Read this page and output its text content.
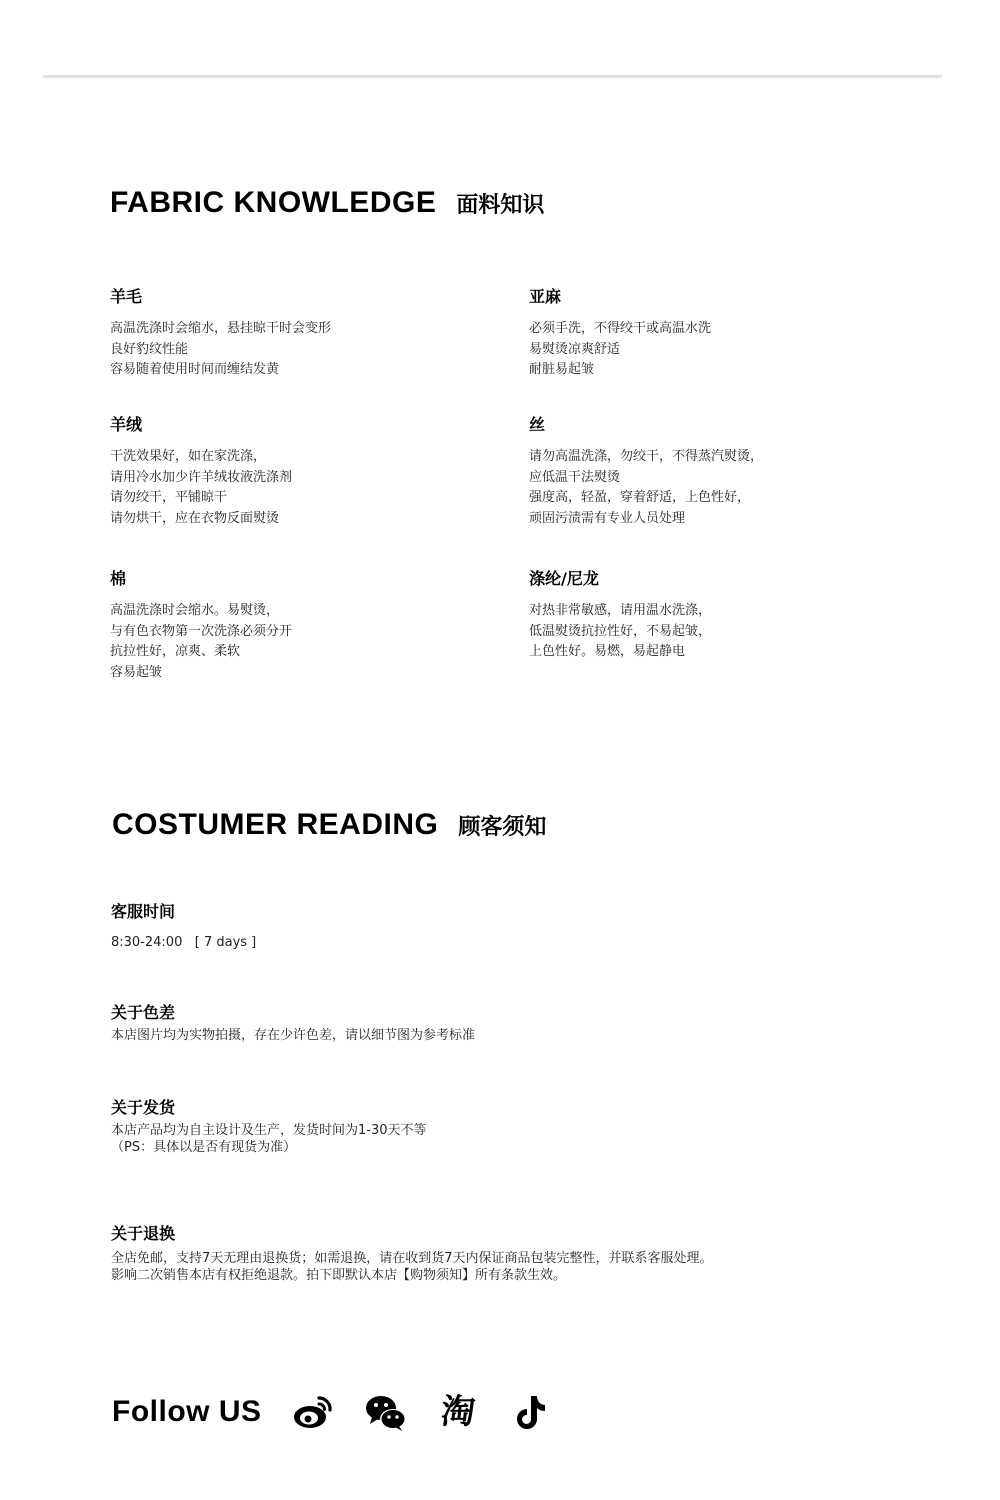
FABRIC KNOWLEDGE 面料知识
羊毛
高温洗涤时会缩水，悬挂晾干时会变形
良好豹纹性能
容易随着使用时间而缠结发黄
亚麻
必须手洗，不得绞干或高温水洗
易熨烫凉爽舒适
耐脏易起皱
羊绒
干洗效果好，如在家洗涤，
请用冷水加少许羊绒妆液洗涤剂
请勿绞干，平铺晾干
请勿烘干，应在衣物反面熨烫
丝
请勿高温洗涤，勿绞干，不得蒸汽熨烫，
应低温干法熨烫
强度高，轻盈，穿着舒适，上色性好，
顽固污渍需有专业人员处理
棉
高温洗涤时会缩水。易熨烫，
与有色衣物第一次洗涤必须分开
抗拉性好，凉爽、柔软
容易起皱
涤纶/尼龙
对热非常敏感，请用温水洗涤，
低温熨烫抗拉性好，不易起皱，
上色性好。易燃，易起静电
COSTUMER READING 顾客须知
客服时间
8:30-24:00   [ 7 days ]
关于色差
本店图片均为实物拍摄，存在少许色差，请以细节图为参考标准
关于发货
本店产品均为自主设计及生产，发货时间为1-30天不等
（PS：具体以是否有现货为准）
关于退换
全店免邮，支持7天无理由退换货；如需退换，请在收到货7天内保证商品包装完整性，并联系客服处理。
影响二次销售本店有权拒绝退款。拍下即默认本店【购物须知】所有条款生效。
Follow US	淘
